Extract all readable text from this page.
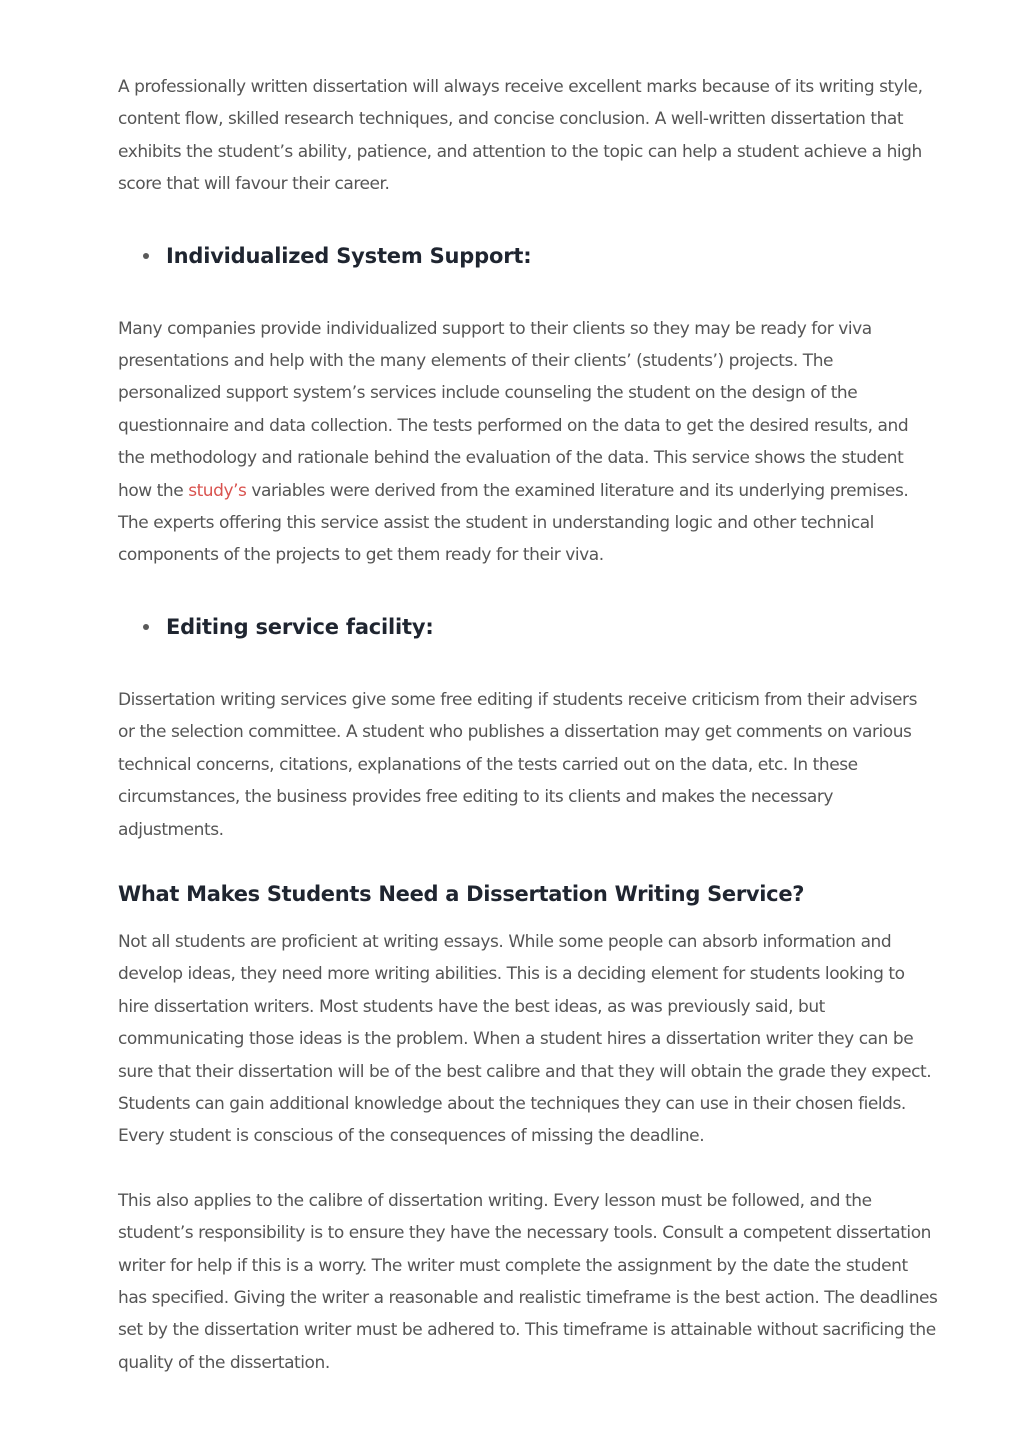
A professionally written dissertation will always receive excellent marks because of its writing style, content flow, skilled research techniques, and concise conclusion. A well-written dissertation that exhibits the student’s ability, patience, and attention to the topic can help a student achieve a high score that will favour their career.

Individualized System Support:

Many companies provide individualized support to their clients so they may be ready for viva presentations and help with the many elements of their clients’ (students’) projects. The personalized support system’s services include counseling the student on the design of the questionnaire and data collection. The tests performed on the data to get the desired results, and the methodology and rationale behind the evaluation of the data. This service shows the student how the study’s variables were derived from the examined literature and its underlying premises. The experts offering this service assist the student in understanding logic and other technical components of the projects to get them ready for their viva.

Editing service facility:

Dissertation writing services give some free editing if students receive criticism from their advisers or the selection committee. A student who publishes a dissertation may get comments on various technical concerns, citations, explanations of the tests carried out on the data, etc. In these circumstances, the business provides free editing to its clients and makes the necessary adjustments.

What Makes Students Need a Dissertation Writing Service?

Not all students are proficient at writing essays. While some people can absorb information and develop ideas, they need more writing abilities. This is a deciding element for students looking to hire dissertation writers. Most students have the best ideas, as was previously said, but communicating those ideas is the problem. When a student hires a dissertation writer they can be sure that their dissertation will be of the best calibre and that they will obtain the grade they expect. Students can gain additional knowledge about the techniques they can use in their chosen fields. Every student is conscious of the consequences of missing the deadline.

This also applies to the calibre of dissertation writing. Every lesson must be followed, and the student’s responsibility is to ensure they have the necessary tools. Consult a competent dissertation writer for help if this is a worry. The writer must complete the assignment by the date the student has specified. Giving the writer a reasonable and realistic timeframe is the best action. The deadlines set by the dissertation writer must be adhered to. This timeframe is attainable without sacrificing the quality of the dissertation.
